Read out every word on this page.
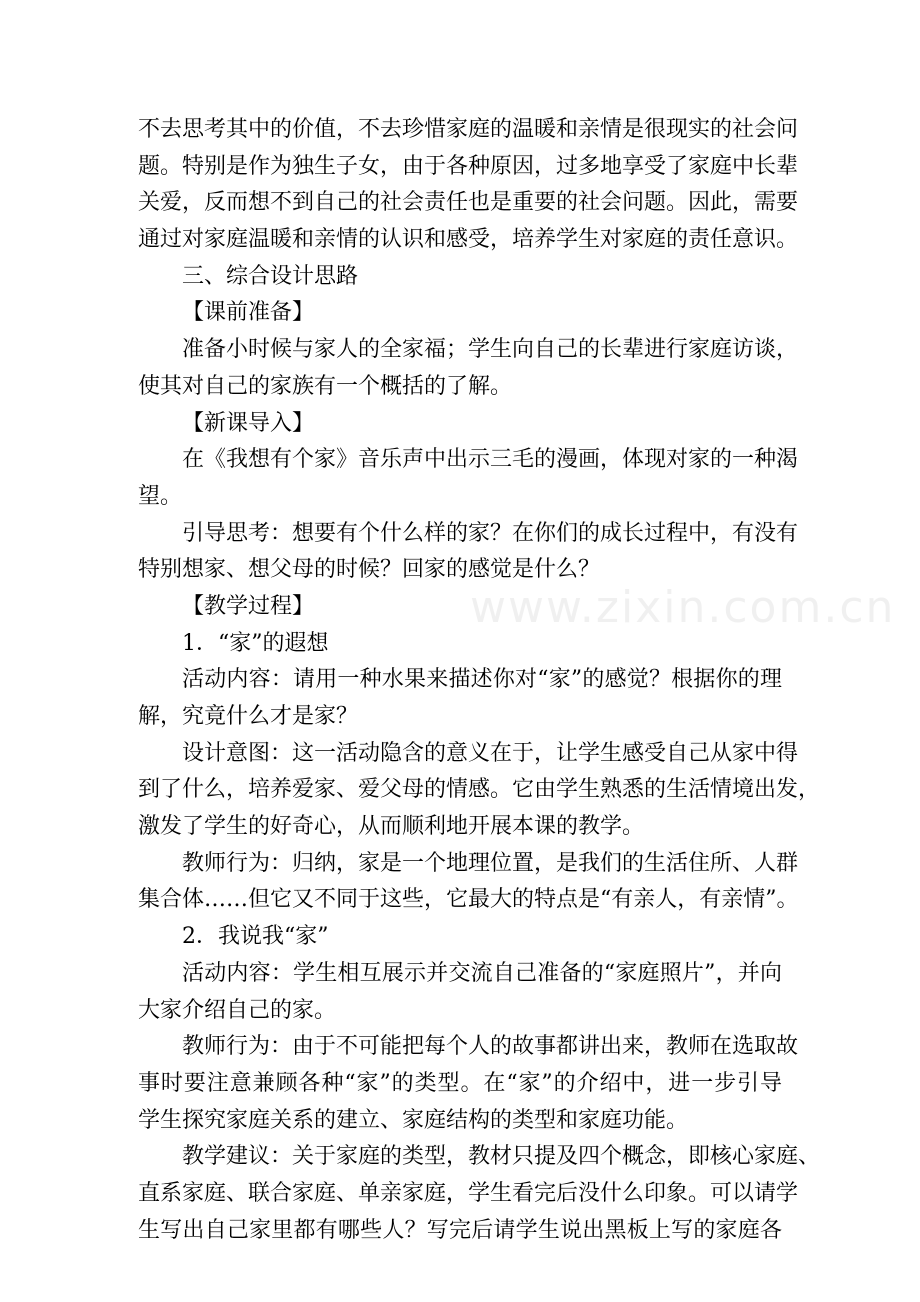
www.zixin.com.cn
不去思考其中的价值，不去珍惜家庭的温暖和亲情是很现实的社会问
题。特别是作为独生子女，由于各种原因，过多地享受了家庭中长辈
关爱，反而想不到自己的社会责任也是重要的社会问题。因此，需要
通过对家庭温暖和亲情的认识和感受，培养学生对家庭的责任意识。
三、综合设计思路
【课前准备】
准备小时候与家人的全家福；学生向自己的长辈进行家庭访谈，
使其对自己的家族有一个概括的了解。
【新课导入】
在《我想有个家》音乐声中出示三毛的漫画，体现对家的一种渴
望。
引导思考：想要有个什么样的家？在你们的成长过程中，有没有
特别想家、想父母的时候？回家的感觉是什么？
【教学过程】
1．“家”的遐想
活动内容：请用一种水果来描述你对“家”的感觉？根据你的理
解，究竟什么才是家？
设计意图：这一活动隐含的意义在于，让学生感受自己从家中得
到了什么，培养爱家、爱父母的情感。它由学生熟悉的生活情境出发，
激发了学生的好奇心，从而顺利地开展本课的教学。
教师行为：归纳，家是一个地理位置，是我们的生活住所、人群
集合体……但它又不同于这些，它最大的特点是“有亲人，有亲情”。
2．我说我“家”
活动内容：学生相互展示并交流自己准备的“家庭照片”，并向
大家介绍自己的家。
教师行为：由于不可能把每个人的故事都讲出来，教师在选取故
事时要注意兼顾各种“家”的类型。在“家”的介绍中，进一步引导
学生探究家庭关系的建立、家庭结构的类型和家庭功能。
教学建议：关于家庭的类型，教材只提及四个概念，即核心家庭、
直系家庭、联合家庭、单亲家庭，学生看完后没什么印象。可以请学
生写出自己家里都有哪些人？写完后请学生说出黑板上写的家庭各
